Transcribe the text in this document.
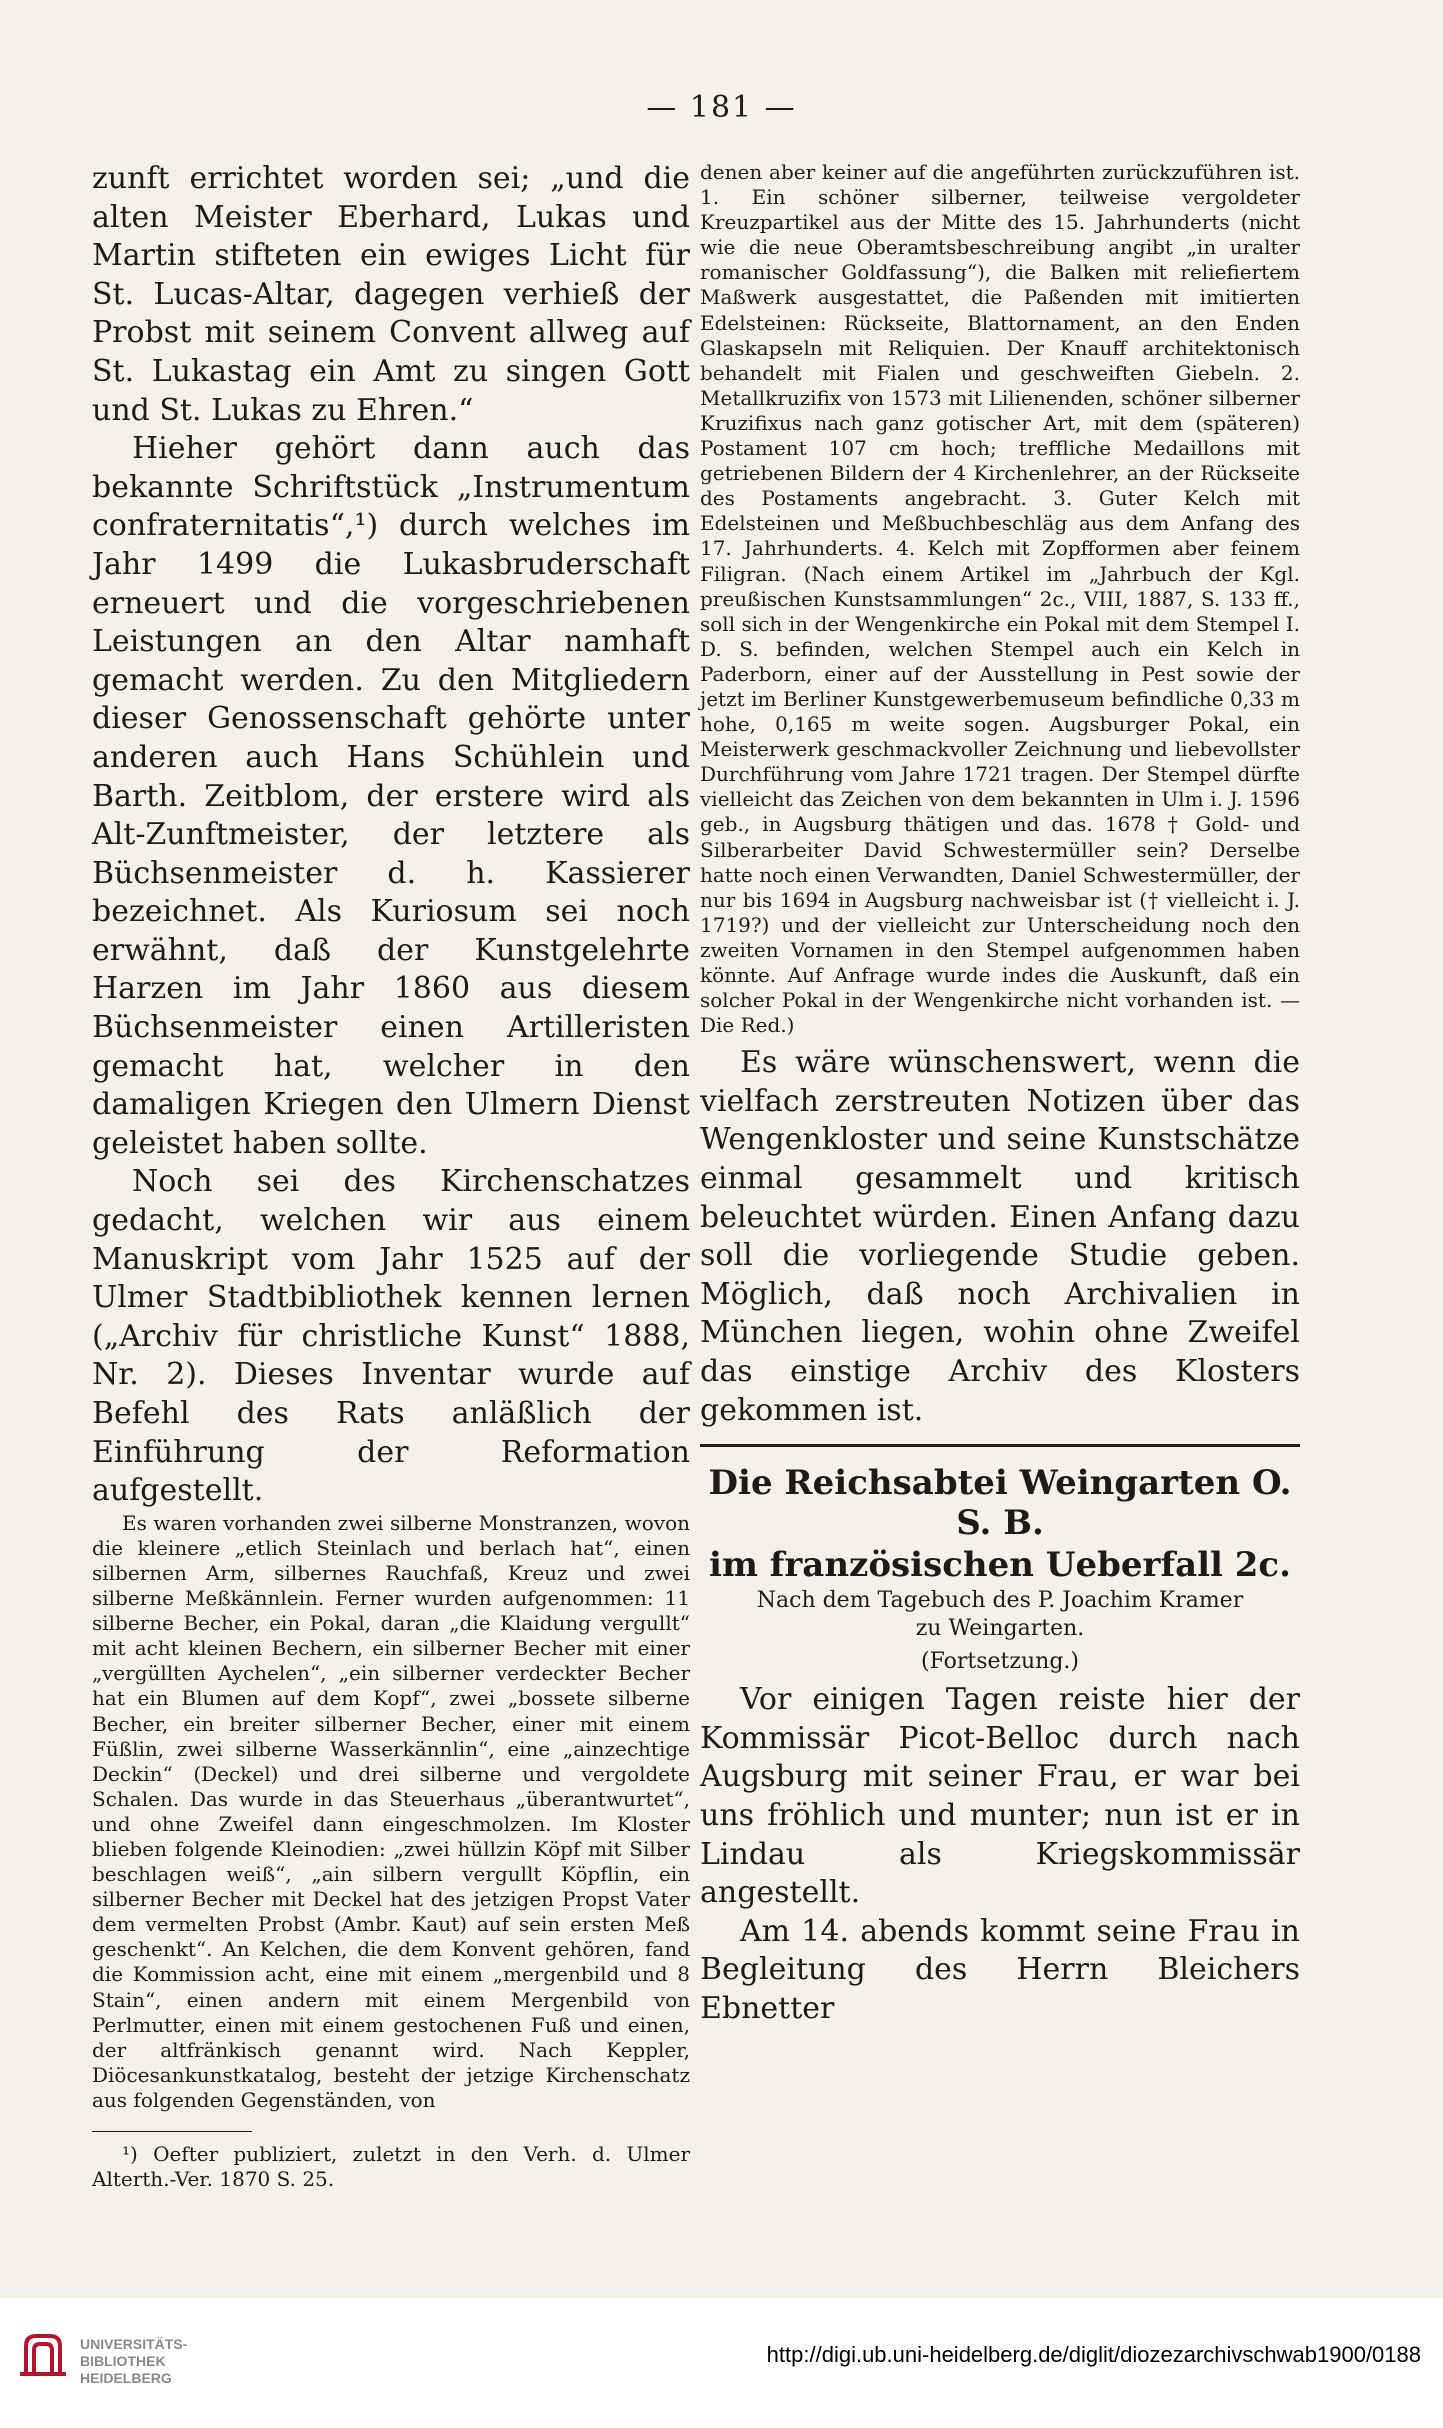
— 181 —

zunft errichtet worden sei; „und die alten Meister Eberhard, Lukas und Martin stifteten ein ewiges Licht für St. Lucas-Altar, dagegen verhieß der Probst mit seinem Convent allweg auf St. Lukastag ein Amt zu singen Gott und St. Lukas zu Ehren.“

Hieher gehört dann auch das bekannte Schriftstück „Instrumentum confraternitatis“,¹) durch welches im Jahr 1499 die Lukasbruderschaft erneuert und die vorgeschriebenen Leistungen an den Altar namhaft gemacht werden. Zu den Mitgliedern dieser Genossenschaft gehörte unter anderen auch Hans Schühlein und Barth. Zeitblom, der erstere wird als Alt-Zunftmeister, der letztere als Büchsenmeister d. h. Kassierer bezeichnet. Als Kuriosum sei noch erwähnt, daß der Kunstgelehrte Harzen im Jahr 1860 aus diesem Büchsenmeister einen Artilleristen gemacht hat, welcher in den damaligen Kriegen den Ulmern Dienst geleistet haben sollte.

Noch sei des Kirchenschatzes gedacht, welchen wir aus einem Manuskript vom Jahr 1525 auf der Ulmer Stadtbibliothek kennen lernen („Archiv für christliche Kunst“ 1888, Nr. 2). Dieses Inventar wurde auf Befehl des Rats anläßlich der Einführung der Reformation aufgestellt.

Es waren vorhanden zwei silberne Monstranzen, wovon die kleinere „etlich Steinlach und berlach hat“, einen silbernen Arm, silbernes Rauchfaß, Kreuz und zwei silberne Meßkännlein. Ferner wurden aufgenommen: 11 silberne Becher, ein Pokal, daran „die Klaidung vergullt“ mit acht kleinen Bechern, ein silberner Becher mit einer „vergüllten Aychelen“, „ein silberner verdeckter Becher hat ein Blumen auf dem Kopf“, zwei „bossete silberne Becher, ein breiter silberner Becher, einer mit einem Füßlin, zwei silberne Wasserkännlin“, eine „ainzechtige Deckin“ (Deckel) und drei silberne und vergoldete Schalen. Das wurde in das Steuerhaus „überantwurtet“, und ohne Zweifel dann eingeschmolzen. Im Kloster blieben folgende Kleinodien: „zwei hüllzin Köpf mit Silber beschlagen weiß“, „ain silbern vergullt Köpflin, ein silberner Becher mit Deckel hat des jetzigen Propst Vater dem vermelten Probst (Ambr. Kaut) auf sein ersten Meß geschenkt“. An Kelchen, die dem Konvent gehören, fand die Kommission acht, eine mit einem „mergenbild und 8 Stain“, einen andern mit einem Mergenbild von Perlmutter, einen mit einem gestochenen Fuß und einen, der altfränkisch genannt wird. Nach Keppler, Diöcesankunstkatalog, besteht der jetzige Kirchenschatz aus folgenden Gegenständen, von

¹) Oefter publiziert, zuletzt in den Verh. d. Ulmer Alterth.-Ver. 1870 S. 25.

denen aber keiner auf die angeführten zurückzuführen ist. 1. Ein schöner silberner, teilweise vergoldeter Kreuzpartikel aus der Mitte des 15. Jahrhunderts (nicht wie die neue Oberamtsbeschreibung angibt „in uralter romanischer Goldfassung“), die Balken mit reliefiertem Maßwerk ausgestattet, die Paßenden mit imitierten Edelsteinen: Rückseite, Blattornament, an den Enden Glaskapseln mit Reliquien. Der Knauff architektonisch behandelt mit Fialen und geschweiften Giebeln. 2. Metallkruzifix von 1573 mit Lilienenden, schöner silberner Kruzifixus nach ganz gotischer Art, mit dem (späteren) Postament 107 cm hoch; treffliche Medaillons mit getriebenen Bildern der 4 Kirchenlehrer, an der Rückseite des Postaments angebracht. 3. Guter Kelch mit Edelsteinen und Meßbuchbeschläg aus dem Anfang des 17. Jahrhunderts. 4. Kelch mit Zopfformen aber feinem Filigran. (Nach einem Artikel im „Jahrbuch der Kgl. preußischen Kunstsammlungen“ 2c., VIII, 1887, S. 133 ff., soll sich in der Wengenkirche ein Pokal mit dem Stempel I. D. S. befinden, welchen Stempel auch ein Kelch in Paderborn, einer auf der Ausstellung in Pest sowie der jetzt im Berliner Kunstgewerbemuseum befindliche 0,33 m hohe, 0,165 m weite sogen. Augsburger Pokal, ein Meisterwerk geschmackvoller Zeichnung und liebevollster Durchführung vom Jahre 1721 tragen. Der Stempel dürfte vielleicht das Zeichen von dem bekannten in Ulm i. J. 1596 geb., in Augsburg thätigen und das. 1678 † Gold- und Silberarbeiter David Schwestermüller sein? Derselbe hatte noch einen Verwandten, Daniel Schwestermüller, der nur bis 1694 in Augsburg nachweisbar ist († vielleicht i. J. 1719?) und der vielleicht zur Unterscheidung noch den zweiten Vornamen in den Stempel aufgenommen haben könnte. Auf Anfrage wurde indes die Auskunft, daß ein solcher Pokal in der Wengenkirche nicht vorhanden ist. — Die Red.)

Es wäre wünschenswert, wenn die vielfach zerstreuten Notizen über das Wengenkloster und seine Kunstschätze einmal gesammelt und kritisch beleuchtet würden. Einen Anfang dazu soll die vorliegende Studie geben. Möglich, daß noch Archivalien in München liegen, wohin ohne Zweifel das einstige Archiv des Klosters gekommen ist.

Die Reichsabtei Weingarten O. S. B.
im französischen Ueberfall 2c.
Nach dem Tagebuch des P. Joachim Kramer
zu Weingarten.
(Fortsetzung.)

Vor einigen Tagen reiste hier der Kommissär Picot-Belloc durch nach Augsburg mit seiner Frau, er war bei uns fröhlich und munter; nun ist er in Lindau als Kriegskommissär angestellt.

Am 14. abends kommt seine Frau in Begleitung des Herrn Bleichers Ebnetter

UNIVERSITÄTS-
BIBLIOTHEK
HEIDELBERG
http://digi.ub.uni-heidelberg.de/diglit/diozezarchivschwab1900/0188
